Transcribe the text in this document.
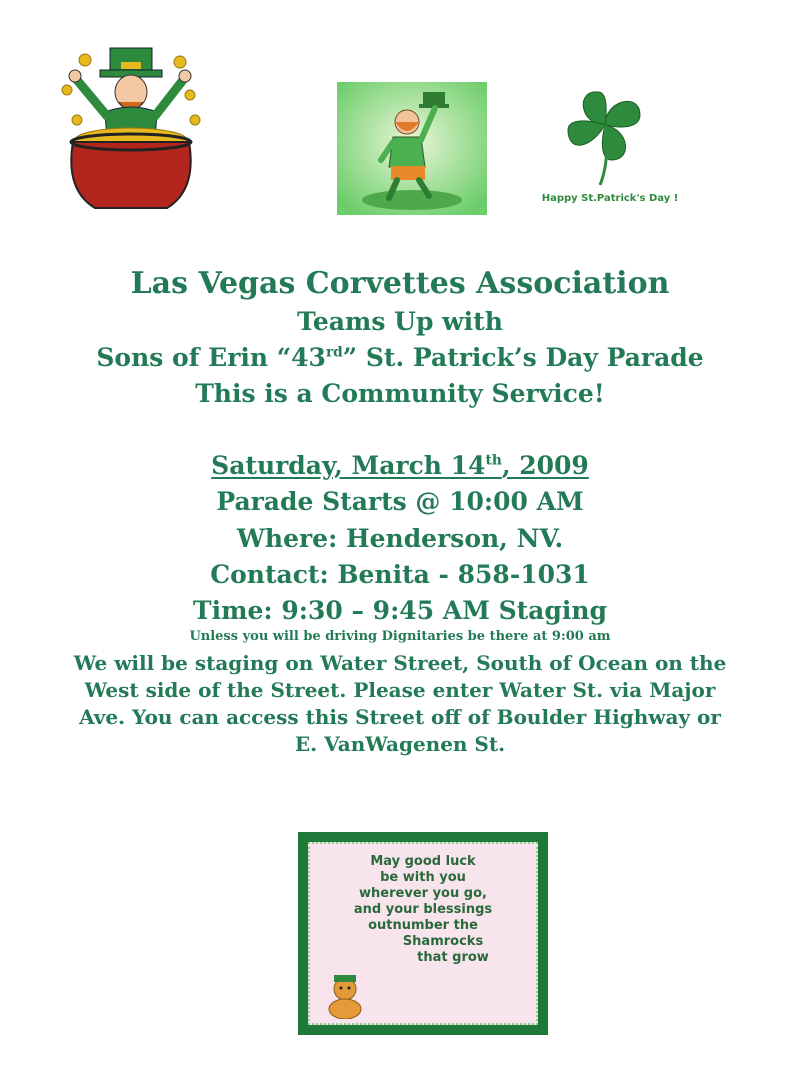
Happy St.Patrick's Day !
Las Vegas Corvettes Association
Teams Up with
Sons of Erin “43rd” St. Patrick’s Day Parade
This is a Community Service!
Saturday, March 14th, 2009
Parade Starts @ 10:00 AM
Where: Henderson, NV.
Contact: Benita - 858-1031
Time: 9:30 – 9:45 AM Staging
Unless you will be driving Dignitaries be there at 9:00 am
We will be staging on Water Street, South of Ocean on the
West side of the Street. Please enter Water St. via Major
Ave. You can access this Street off of Boulder Highway or
E. VanWagenen St.
May good luck
be with you
wherever you go,
and your blessings
outnumber the
Shamrocks
that grow
